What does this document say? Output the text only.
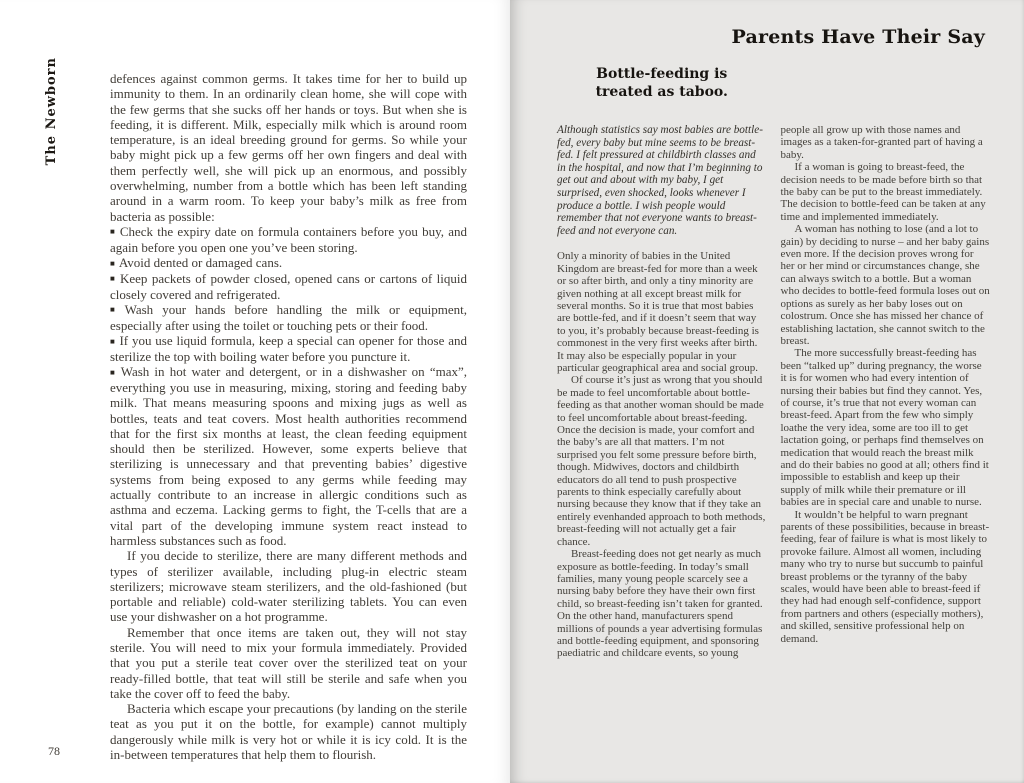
The Newborn	defences against common germs. It takes time for her to build up immunity to them. In an ordinarily clean home, she will cope with the few germs that she sucks off her hands or toys. But when she is feeding, it is different. Milk, especially milk which is around room temperature, is an ideal breeding ground for germs. So while your baby might pick up a few germs off her own fingers and deal with them perfectly well, she will pick up an enormous, and possibly overwhelming, number from a bottle which has been left standing around in a warm room. To keep your baby’s milk as free from bacteria as possible:

■ Check the expiry date on formula containers before you buy, and again before you open one you’ve been storing.

■ Avoid dented or damaged cans.

■ Keep packets of powder closed, opened cans or cartons of liquid closely covered and refrigerated.

■ Wash your hands before handling the milk or equipment, especially after using the toilet or touching pets or their food.

■ If you use liquid formula, keep a special can opener for those and sterilize the top with boiling water before you puncture it.

■ Wash in hot water and detergent, or in a dishwasher on “max”, everything you use in measuring, mixing, storing and feeding baby milk. That means measuring spoons and mixing jugs as well as bottles, teats and teat covers. Most health authorities recommend that for the first six months at least, the clean feeding equipment should then be sterilized. However, some experts believe that sterilizing is unnecessary and that preventing babies’ digestive systems from being exposed to any germs while feeding may actually contribute to an increase in allergic conditions such as asthma and eczema. Lacking germs to fight, the T-cells that are a vital part of the developing immune system react instead to harmless substances such as food.

If you decide to sterilize, there are many different methods and types of sterilizer available, including plug-in electric steam sterilizers; microwave steam sterilizers, and the old-fashioned (but portable and reliable) cold-water sterilizing tablets. You can even use your dishwasher on a hot programme.

Remember that once items are taken out, they will not stay sterile. You will need to mix your formula immediately. Provided that you put a sterile teat cover over the sterilized teat on your ready-filled bottle, that teat will still be sterile and safe when you take the cover off to feed the baby.

Bacteria which escape your precautions (by landing on the sterile teat as you put it on the bottle, for example) cannot multiply dangerously while milk is very hot or while it is icy cold. It is the in-between temperatures that help them to flourish.

78
Parents Have Their Say
Bottle-feeding is
treated as taboo.

Although statistics say most babies are bottle-fed, every baby but mine seems to be breast-fed. I felt pressured at childbirth classes and in the hospital, and now that I’m beginning to get out and about with my baby, I get surprised, even shocked, looks whenever I produce a bottle. I wish people would remember that not everyone wants to breast-feed and not everyone can.

Only a minority of babies in the United Kingdom are breast-fed for more than a week or so after birth, and only a tiny minority are given nothing at all except breast milk for several months. So it is true that most babies are bottle-fed, and if it doesn’t seem that way to you, it’s probably because breast-feeding is commonest in the very first weeks after birth. It may also be especially popular in your particular geographical area and social group.

Of course it’s just as wrong that you should be made to feel uncomfortable about bottle-feeding as that another woman should be made to feel uncomfortable about breast-feeding. Once the decision is made, your comfort and the baby’s are all that matters. I’m not surprised you felt some pressure before birth, though. Midwives, doctors and childbirth educators do all tend to push prospective parents to think especially carefully about nursing because they know that if they take an entirely evenhanded approach to both methods, breast-feeding will not actually get a fair chance.

Breast-feeding does not get nearly as much exposure as bottle-feeding. In today’s small families, many young people scarcely see a nursing baby before they have their own first child, so breast-feeding isn’t taken for granted. On the other hand, manufacturers spend millions of pounds a year advertising formulas and bottle-feeding equipment, and sponsoring paediatric and childcare events, so young

people all grow up with those names and images as a taken-for-granted part of having a baby.

If a woman is going to breast-feed, the decision needs to be made before birth so that the baby can be put to the breast immediately. The decision to bottle-feed can be taken at any time and implemented immediately.

A woman has nothing to lose (and a lot to gain) by deciding to nurse – and her baby gains even more. If the decision proves wrong for her or her mind or circumstances change, she can always switch to a bottle. But a woman who decides to bottle-feed formula loses out on options as surely as her baby loses out on colostrum. Once she has missed her chance of establishing lactation, she cannot switch to the breast.

The more successfully breast-feeding has been “talked up” during pregnancy, the worse it is for women who had every intention of nursing their babies but find they cannot. Yes, of course, it’s true that not every woman can breast-feed. Apart from the few who simply loathe the very idea, some are too ill to get lactation going, or perhaps find themselves on medication that would reach the breast milk and do their babies no good at all; others find it impossible to establish and keep up their supply of milk while their premature or ill babies are in special care and unable to nurse.

It wouldn’t be helpful to warn pregnant parents of these possibilities, because in breast-feeding, fear of failure is what is most likely to provoke failure. Almost all women, including many who try to nurse but succumb to painful breast problems or the tyranny of the baby scales, would have been able to breast-feed if they had had enough self-confidence, support from partners and others (especially mothers), and skilled, sensitive professional help on demand.
